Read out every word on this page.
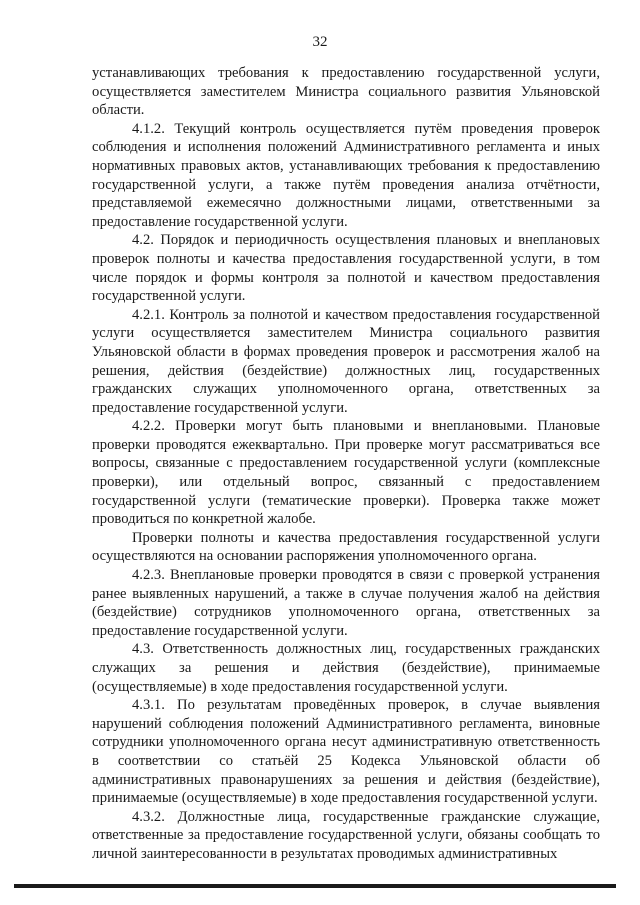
32

устанавливающих требования к предоставлению государственной услуги, осуществляется заместителем Министра социального развития Ульяновской области.

4.1.2. Текущий контроль осуществляется путём проведения проверок соблюдения и исполнения положений Административного регламента и иных нормативных правовых актов, устанавливающих требования к предоставлению государственной услуги, а также путём проведения анализа отчётности, представляемой ежемесячно должностными лицами, ответственными за предоставление государственной услуги.

4.2. Порядок и периодичность осуществления плановых и внеплановых проверок полноты и качества предоставления государственной услуги, в том числе порядок и формы контроля за полнотой и качеством предоставления государственной услуги.

4.2.1. Контроль за полнотой и качеством предоставления государственной услуги осуществляется заместителем Министра социального развития Ульяновской области в формах проведения проверок и рассмотрения жалоб на решения, действия (бездействие) должностных лиц, государственных гражданских служащих уполномоченного органа, ответственных за предоставление государственной услуги.

4.2.2. Проверки могут быть плановыми и внеплановыми. Плановые проверки проводятся ежеквартально. При проверке могут рассматриваться все вопросы, связанные с предоставлением государственной услуги (комплексные проверки), или отдельный вопрос, связанный с предоставлением государственной услуги (тематические проверки). Проверка также может проводиться по конкретной жалобе.

Проверки полноты и качества предоставления государственной услуги осуществляются на основании распоряжения уполномоченного органа.

4.2.3. Внеплановые проверки проводятся в связи с проверкой устранения ранее выявленных нарушений, а также в случае получения жалоб на действия (бездействие) сотрудников уполномоченного органа, ответственных за предоставление государственной услуги.

4.3. Ответственность должностных лиц, государственных гражданских служащих за решения и действия (бездействие), принимаемые (осуществляемые) в ходе предоставления государственной услуги.

4.3.1. По результатам проведённых проверок, в случае выявления нарушений соблюдения положений Административного регламента, виновные сотрудники уполномоченного органа несут административную ответственность в соответствии со статьёй 25 Кодекса Ульяновской области об административных правонарушениях за решения и действия (бездействие), принимаемые (осуществляемые) в ходе предоставления государственной услуги.

4.3.2. Должностные лица, государственные гражданские служащие, ответственные за предоставление государственной услуги, обязаны сообщать то личной заинтересованности в результатах проводимых административных
